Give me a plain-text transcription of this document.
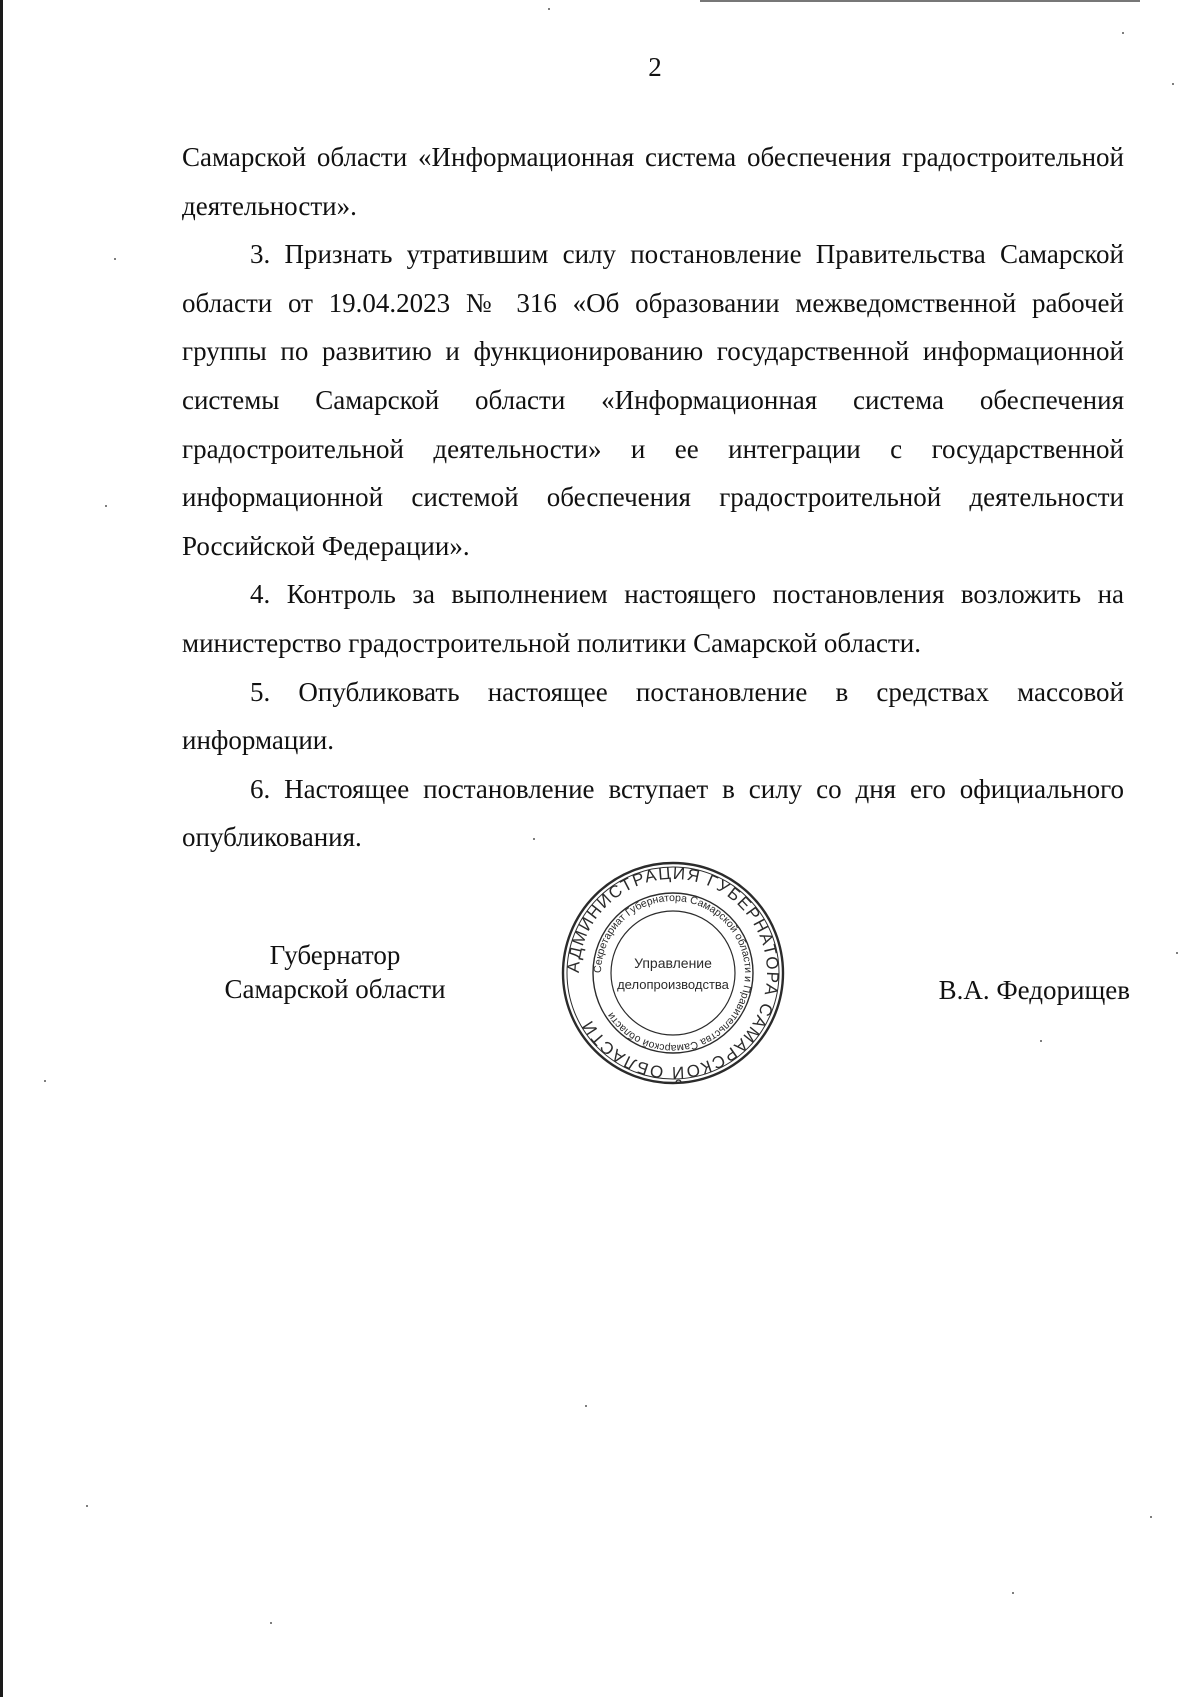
2

Самарской области «Информационная система обеспечения градостроительной деятельности».

3. Признать утратившим силу постановление Правительства Самарской области от 19.04.2023 № 316 «Об образовании межведомственной рабочей группы по развитию и функционированию государственной информационной системы Самарской области «Информационная система обеспечения градостроительной деятельности» и ее интеграции с государственной информационной системой обеспечения градостроительной деятельности Российской Федерации».

4. Контроль за выполнением настоящего постановления возложить на министерство градостроительной политики Самарской области.

5. Опубликовать настоящее постановление в средствах массовой информации.

6. Настоящее постановление вступает в силу со дня его официального опубликования.

Губернатор
Самарской области
АДМИНИСТРАЦИЯ ГУБЕРНАТОРА САМАРСКОЙ ОБЛАСТИ
Секретариат Губернатора Самарской области и Правительства Самарской области
Управление
делопроизводства	В.А. Федорищев
